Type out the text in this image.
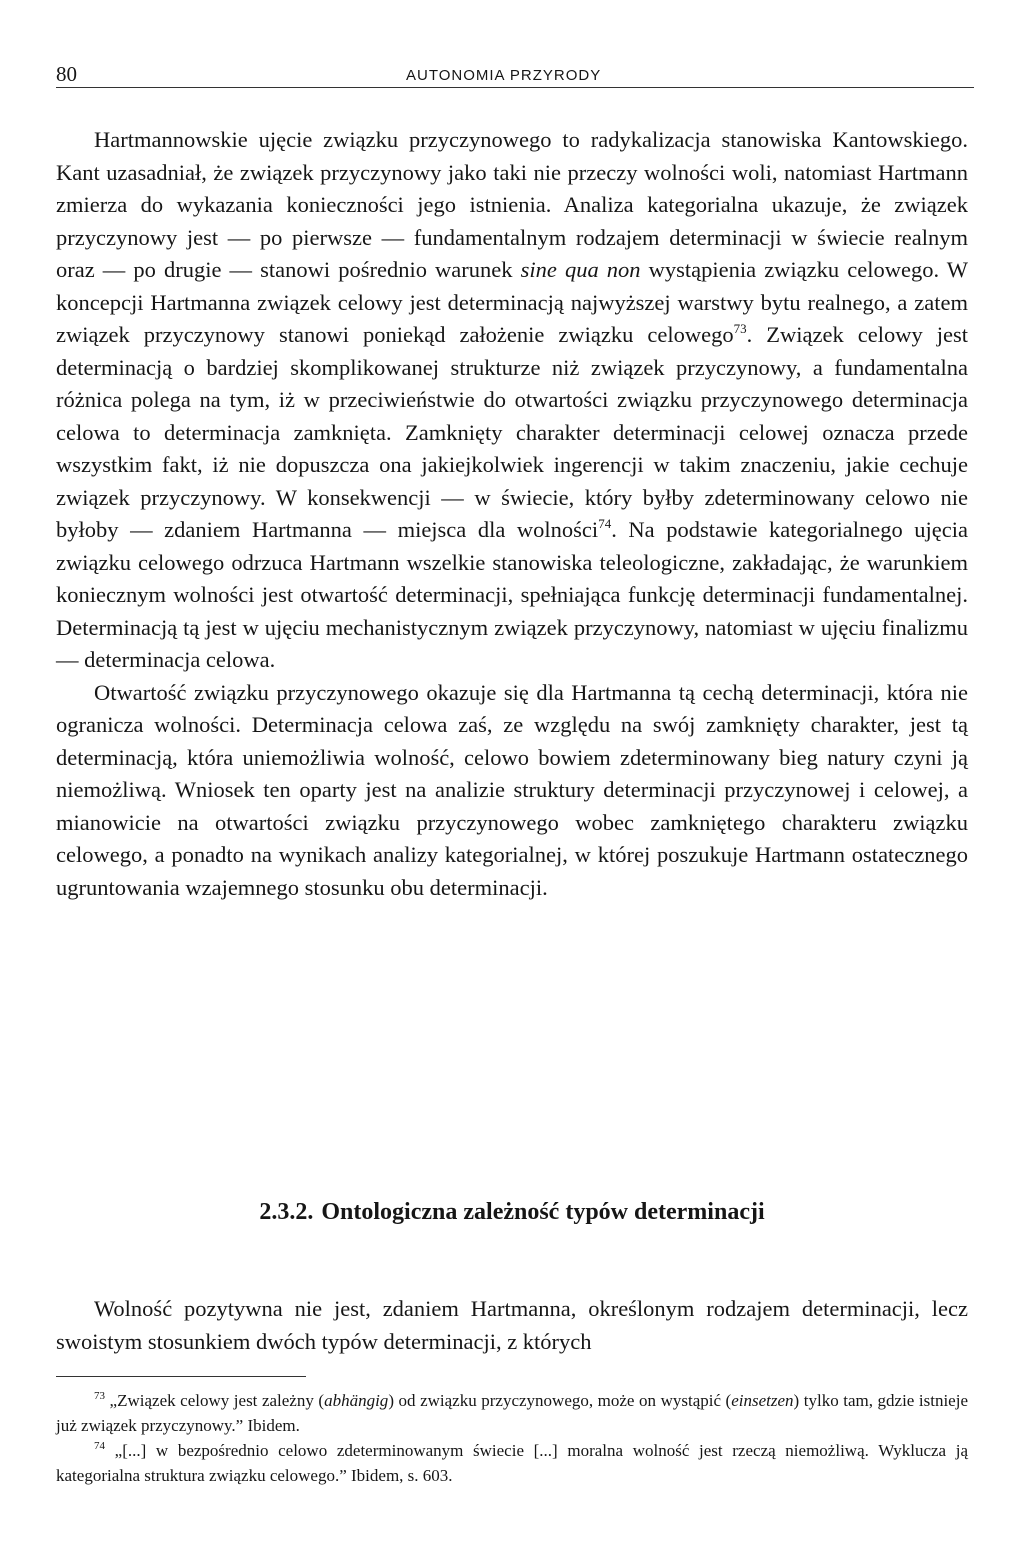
80	AUTONOMIA PRZYRODY

Hartmannowskie ujęcie związku przyczynowego to radykalizacja stanowiska Kantowskiego. Kant uzasadniał, że związek przyczynowy jako taki nie przeczy wolności woli, natomiast Hartmann zmierza do wykazania konieczności jego istnienia. Analiza kategorialna ukazuje, że związek przyczynowy jest — po pierwsze — fundamentalnym rodzajem determinacji w świecie realnym oraz — po drugie — stanowi pośrednio warunek sine qua non wystąpienia związku celowego. W koncepcji Hartmanna związek celowy jest determinacją najwyższej warstwy bytu realnego, a zatem związek przyczynowy stanowi poniekąd założenie związku celowego$^{73}$. Związek celowy jest determinacją o bardziej skomplikowanej strukturze niż związek przyczynowy, a fundamentalna różnica polega na tym, iż w przeciwieństwie do otwartości związku przyczynowego determinacja celowa to determinacja zamknięta. Zamknięty charakter determinacji celowej oznacza przede wszystkim fakt, iż nie dopuszcza ona jakiejkolwiek ingerencji w takim znaczeniu, jakie cechuje związek przyczynowy. W konsekwencji — w świecie, który byłby zdeterminowany celowo nie byłoby — zdaniem Hartmanna — miejsca dla wolności$^{74}$. Na podstawie kategorialnego ujęcia związku celowego odrzuca Hartmann wszelkie stanowiska teleologiczne, zakładając, że warunkiem koniecznym wolności jest otwartość determinacji, spełniająca funkcję determinacji fundamentalnej. Determinacją tą jest w ujęciu mechanistycznym związek przyczynowy, natomiast w ujęciu finalizmu — determinacja celowa.

Otwartość związku przyczynowego okazuje się dla Hartmanna tą cechą determinacji, która nie ogranicza wolności. Determinacja celowa zaś, ze względu na swój zamknięty charakter, jest tą determinacją, która uniemożliwia wolność, celowo bowiem zdeterminowany bieg natury czyni ją niemożliwą. Wniosek ten oparty jest na analizie struktury determinacji przyczynowej i celowej, a mianowicie na otwartości związku przyczynowego wobec zamkniętego charakteru związku celowego, a ponadto na wynikach analizy kategorialnej, w której poszukuje Hartmann ostatecznego ugruntowania wzajemnego stosunku obu determinacji.

2.3.2. Ontologiczna zależność typów determinacji

Wolność pozytywna nie jest, zdaniem Hartmanna, określonym rodzajem determinacji, lecz swoistym stosunkiem dwóch typów determinacji, z których

$^{73}$ „Związek celowy jest zależny (abhängig) od związku przyczynowego, może on wystąpić (einsetzen) tylko tam, gdzie istnieje już związek przyczynowy.” Ibidem.

$^{74}$ „[...] w bezpośrednio celowo zdeterminowanym świecie [...] moralna wolność jest rzeczą niemożliwą. Wyklucza ją kategorialna struktura związku celowego.” Ibidem, s. 603.
